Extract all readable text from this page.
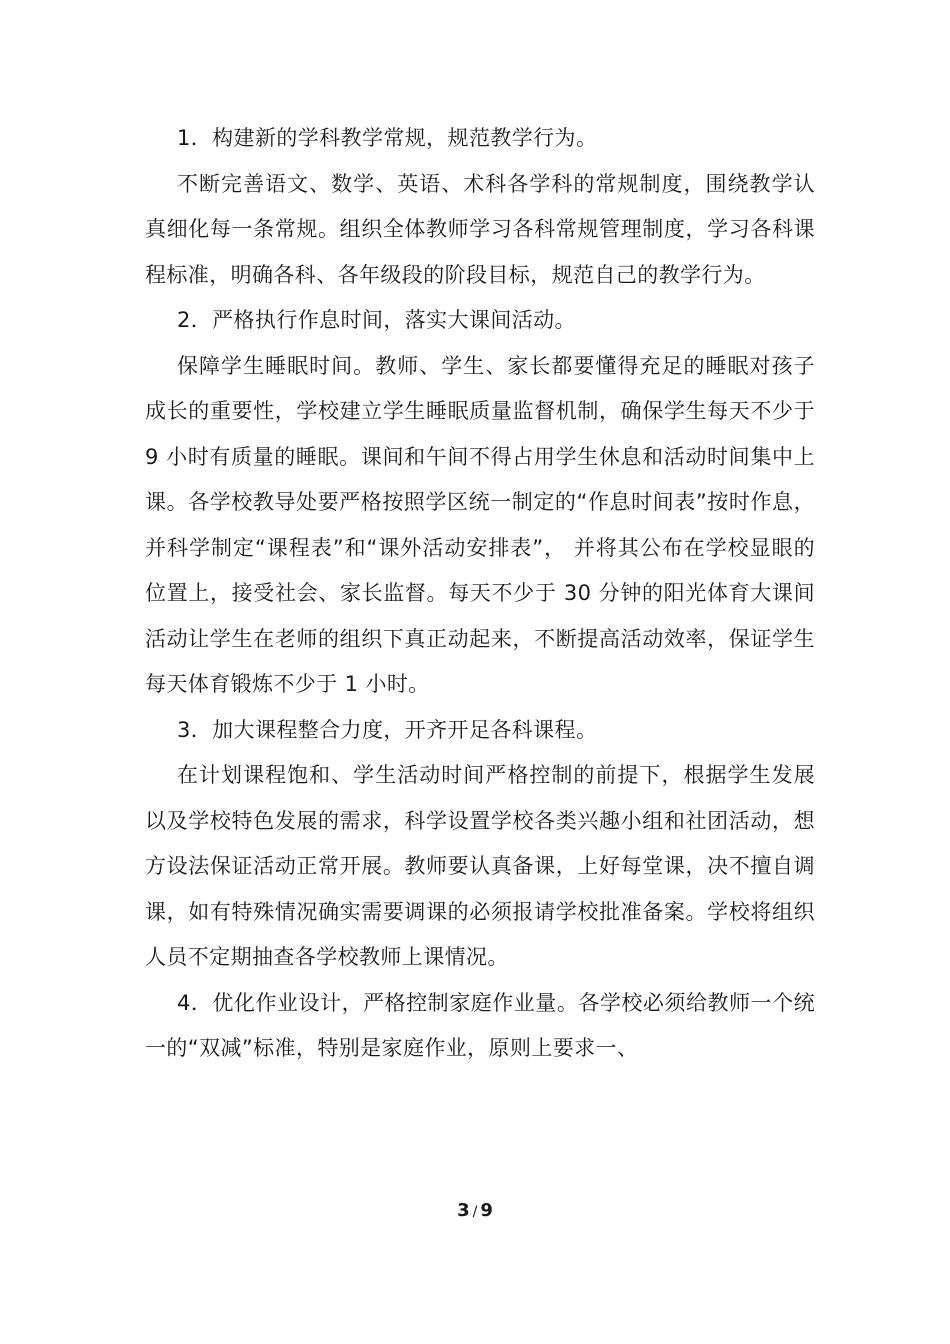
1．构建新的学科教学常规，规范教学行为。

不断完善语文、数学、英语、术科各学科的常规制度，围绕教学认真细化每一条常规。组织全体教师学习各科常规管理制度，学习各科课程标准，明确各科、各年级段的阶段目标，规范自己的教学行为。

2．严格执行作息时间，落实大课间活动。

保障学生睡眠时间。教师、学生、家长都要懂得充足的睡眠对孩子成长的重要性，学校建立学生睡眠质量监督机制，确保学生每天不少于 9 小时有质量的睡眠。课间和午间不得占用学生休息和活动时间集中上课。各学校教导处要严格按照学区统一制定的“作息时间表”按时作息，并科学制定“课程表”和“课外活动安排表”， 并将其公布在学校显眼的位置上，接受社会、家长监督。每天不少于 30 分钟的阳光体育大课间活动让学生在老师的组织下真正动起来，不断提高活动效率，保证学生每天体育锻炼不少于 1 小时。

3．加大课程整合力度，开齐开足各科课程。

在计划课程饱和、学生活动时间严格控制的前提下，根据学生发展以及学校特色发展的需求，科学设置学校各类兴趣小组和社团活动，想方设法保证活动正常开展。教师要认真备课，上好每堂课，决不擅自调课，如有特殊情况确实需要调课的必须报请学校批准备案。学校将组织人员不定期抽查各学校教师上课情况。

4．优化作业设计，严格控制家庭作业量。各学校必须给教师一个统一的“双减”标准，特别是家庭作业，原则上要求一、

3 / 9
